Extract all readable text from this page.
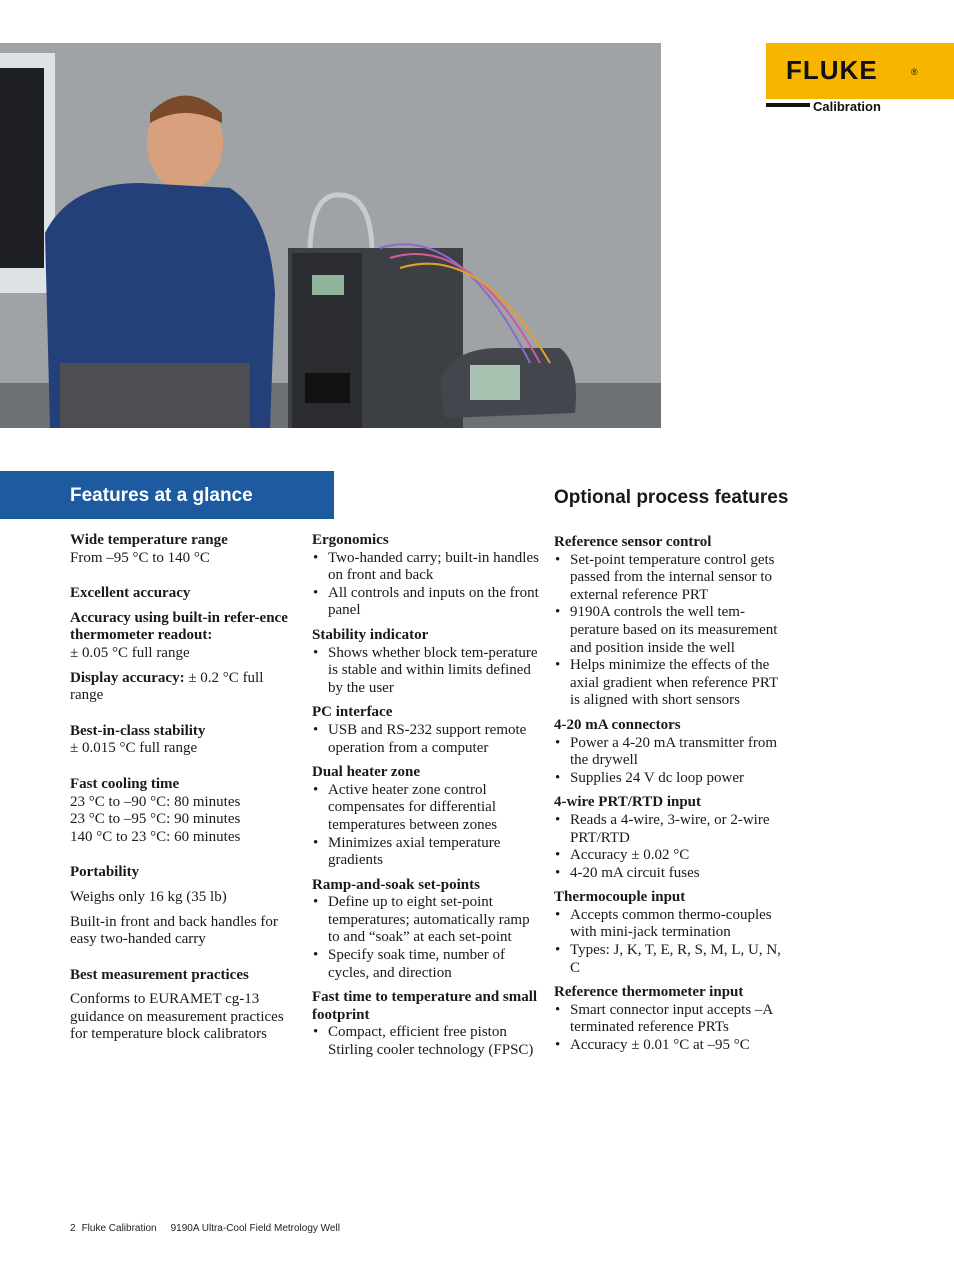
FLUKE	®
Calibration
Features at a glance

Wide temperature range

From –95 °C to 140 °C

Excellent accuracy

Accuracy using built-in refer-ence thermometer readout:

± 0.05 °C full range

Display accuracy: ± 0.2 °C full range

Best-in-class stability

± 0.015 °C full range

Fast cooling time

23 °C to –90 °C: 80 minutes

23 °C to –95 °C: 90 minutes

140 °C to 23 °C: 60 minutes

Portability

Weighs only 16 kg (35 lb)

Built-in front and back handles for easy two-handed carry

Best measurement practices

Conforms to EURAMET cg-13 guidance on measurement practices for temperature block calibrators

Ergonomics

• Two-handed carry; built-in handles on front and back
• All controls and inputs on the front panel

Stability indicator

• Shows whether block tem-perature is stable and within limits defined by the user

PC interface

• USB and RS-232 support remote operation from a computer

Dual heater zone

• Active heater zone control compensates for differential temperatures between zones
• Minimizes axial temperature gradients

Ramp-and-soak set-points

• Define up to eight set-point temperatures; automatically ramp to and “soak” at each set-point
• Specify soak time, number of cycles, and direction

Fast time to temperature and small footprint

• Compact, efficient free piston Stirling cooler technology (FPSC)
Optional process features

Reference sensor control

• Set-point temperature control gets passed from the internal sensor to external reference PRT
• 9190A controls the well tem-perature based on its measurement and position inside the well
• Helps minimize the effects of the axial gradient when reference PRT is aligned with short sensors

4-20 mA connectors

• Power a 4-20 mA transmitter from the drywell
• Supplies 24 V dc loop power

4-wire PRT/RTD input

• Reads a 4-wire, 3-wire, or 2-wire PRT/RTD
• Accuracy ± 0.02 °C
• 4-20 mA circuit fuses

Thermocouple input

• Accepts common thermo-couples with mini-jack termination
• Types: J, K, T, E, R, S, M, L, U, N, C

Reference thermometer input

• Smart connector input accepts –A terminated reference PRTs
• Accuracy ± 0.01 °C at –95 °C
2 Fluke Calibration 9190A Ultra-Cool Field Metrology Well
